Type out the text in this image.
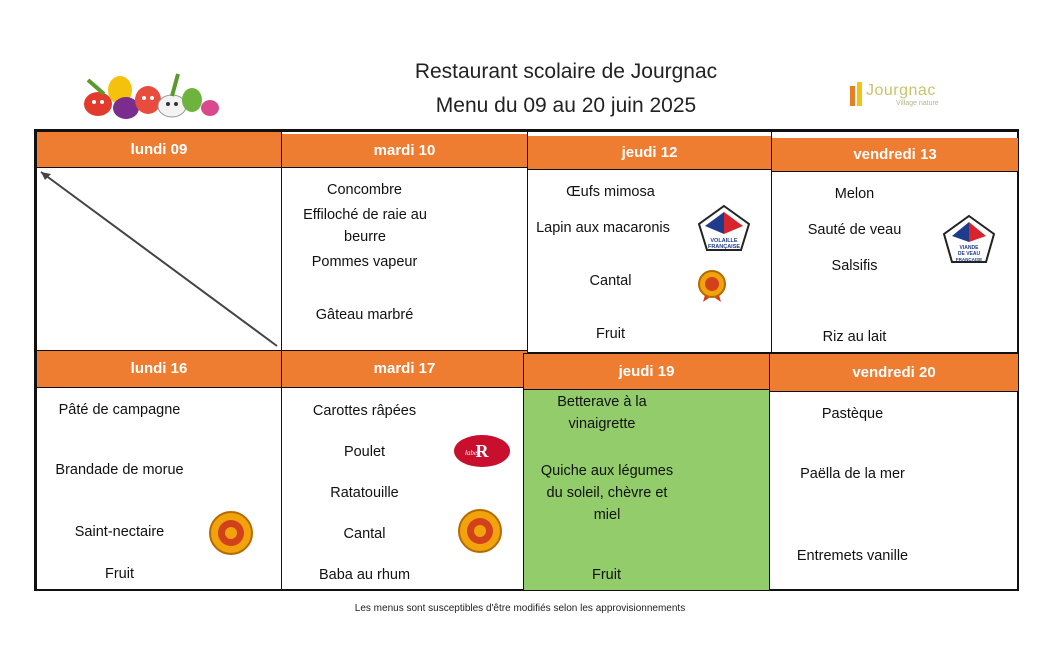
Restaurant scolaire de Jourgnac
Menu du 09 au 20 juin 2025
Jourgnac
Village nature
lundi 09	mardi 10
Concombre
Effiloché de raie au beurre
Pommes vapeur
Gâteau marbré
jeudi 12
Œufs mimosa
Lapin aux macaronis
Cantal
Fruit
VOLAILLE
FRANÇAISE
vendredi 13
Melon
Sauté de veau
Salsifis
Riz au lait
VIANDE
DE VEAU
FRANÇAISE
lundi 16
Pâté de campagne
Brandade de morue
Saint-nectaire
Fruit
mardi 17
Carottes râpées
Poulet
Ratatouille
Cantal
Baba au rhum
R
label
jeudi 19
Betterave à la vinaigrette
Quiche aux légumes du soleil, chèvre et miel
Fruit
vendredi 20
Pastèque
Paëlla de la mer
Entremets vanille
Les menus sont susceptibles d'être modifiés selon les approvisionnements
